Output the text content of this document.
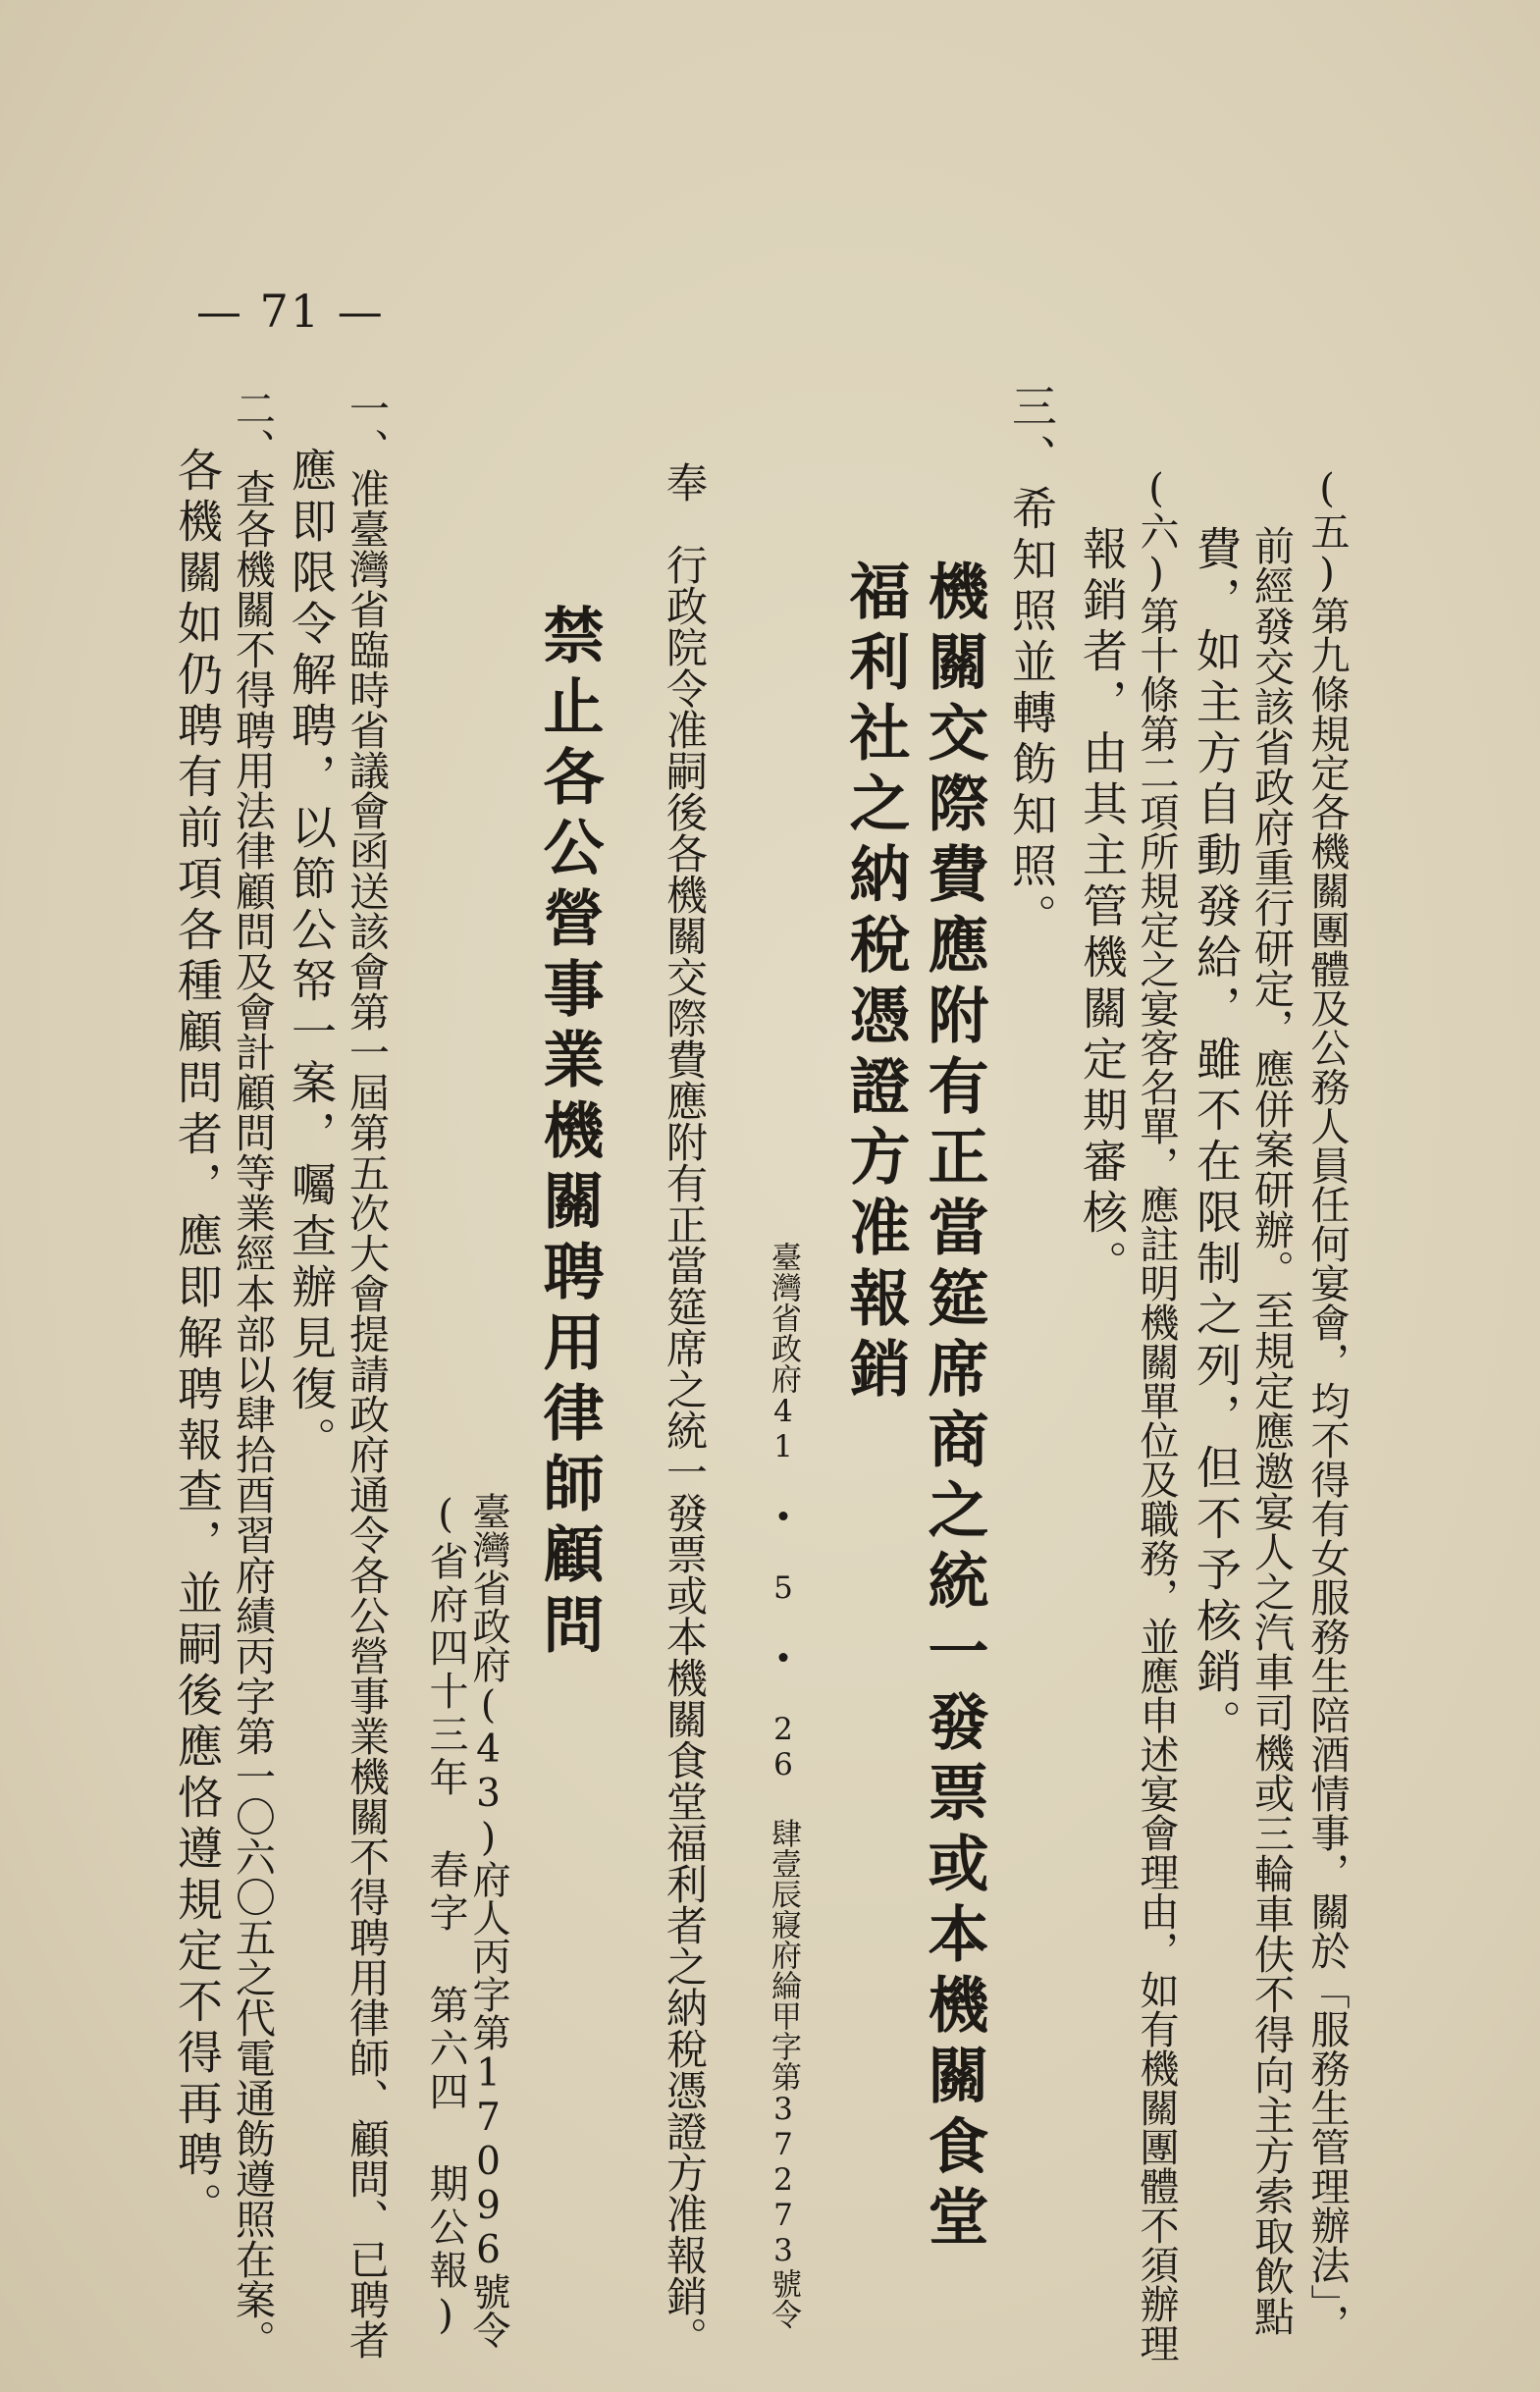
— 71 —
(五)第九條規定各機關團體及公務人員任何宴會，均不得有女服務生陪酒情事，關於「服務生管理辦法」，
前經發交該省政府重行研定，應併案研辦。至規定應邀宴人之汽車司機或三輪車伕不得向主方索取飲點
費，如主方自動發給，雖不在限制之列，但不予核銷。
(六)第十條第二項所規定之宴客名單，應註明機關單位及職務，並應申述宴會理由，如有機關團體不須辦理
報銷者，由其主管機關定期審核。
三、希知照並轉飭知照。
機關交際費應附有正當筵席商之統一發票或本機關食堂
福利社之納稅憑證方准報銷
臺灣省政府41 • 5 • 26 肆壹辰寢府綸甲字第37273號令
奉　行政院令准嗣後各機關交際費應附有正當筵席之統一發票或本機關食堂福利者之納稅憑證方准報銷。
禁止各公營事業機關聘用律師顧問
臺灣省政府(43)府人丙字第17096號令
(省府四十三年 春字 第六四 期公報)
一、准臺灣省臨時省議會函送該會第一屆第五次大會提請政府通令各公營事業機關不得聘用律師、顧問、已聘者
應即限令解聘，以節公帑一案，囑查辦見復。
二、查各機關不得聘用法律顧問及會計顧問等業經本部以肆拾酉習府績丙字第一〇六〇五之代電通飭遵照在案。
各機關如仍聘有前項各種顧問者，應即解聘報查，並嗣後應恪遵規定不得再聘。
